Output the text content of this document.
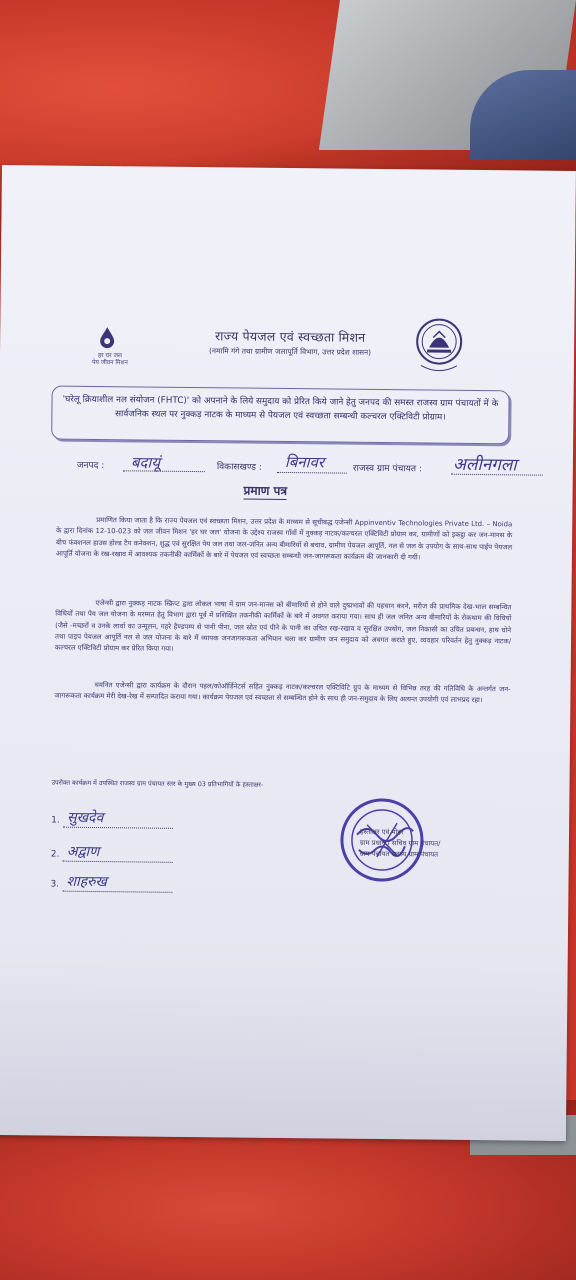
हर घर जल
पेय जीवन मिशन
राज्य पेयजल एवं स्वच्छता मिशन
(नमामि गंगे तथा ग्रामीण जलापूर्ति विभाग, उत्तर प्रदेश शासन)
'घरेलू क्रियाशील नल संयोजन (FHTC)' को अपनाने के लिये समुदाय को प्रेरित किये जाने हेतु जनपद की समस्त राजस्व ग्राम पंचायतों में के सार्वजनिक स्थल पर नुक्कड़ नाटक के माध्यम से पेयजल एवं स्वच्छता सम्बन्धी कल्चरल एक्टिविटी प्रोग्राम।
जनपद : बदायूं	विकासखण्ड : बिनावर	राजस्व ग्राम पंचायत : अलीनगला
प्रमाण पत्र
प्रमाणित किया जाता है कि राज्य पेयजल एवं स्वच्छता मिशन, उत्तर प्रदेश के माध्यम से सूचीबद्ध एजेन्सी Appinventiv Technologies Private Ltd. – Noida के द्वारा दिनांक 12-10-023 को जल जीवन मिशन 'हर घर जल' योजना के उद्देश्य राजस्व गाँवों में नुक्कड़ नाटक/कल्चरल एक्टिविटी प्रोग्राम कर, ग्रामीणों को इकट्ठा कर जन-मानस के बीच फंक्शनल हाउस होल्ड टैप कनेक्शन, शुद्ध एवं सुरक्षित पेय जल तथा जल-जनित अन्य बीमारियों से बचाव, ग्रामीण पेयजल आपूर्ति, नल से जल के उपयोग के साथ-साथ पाईप पेयजल आपूर्ति योजना के रख-रखाव में आवश्यक तकनीकी कार्मिकों के बारे में पेयजल एवं स्वच्छता सम्बन्धी जन-जागरूकता कार्यक्रम की जानकारी दी गयी।
एजेन्सी द्वारा नुक्कड़ नाटक स्क्रिप्ट द्वारा लोकल भाषा में ग्राम जन-मानस को बीमारियों से होने वाले दुष्प्रभावों की पहचान करने, मरीज की प्राथमिक देख-भाल सम्बन्धित विधियों तथा पेय जल योजना के मरम्मत हेतु विभाग द्वारा पूर्व में प्रशिक्षित तकनीकी कार्मिकों के बारे में अवगत कराया गया। साथ ही जल जनित अन्य बीमारियों के रोकथाम की विधियों (जैसे -मच्छरों व उनके लार्वा का उन्मूलन, गहरे हैण्डपम्प से पानी पीना, जल स्रोत एवं पीने के पानी का उचित रख-रखाव व सुरक्षित उपयोग, जल निकासी का उचित प्रबन्धन, हाथ धोने तथा पाइप पेयजल आपूर्ति नल से जल योजना के बारे में व्यापक जनजागरूकता अभियान चला कर ग्रामीण जन समुदाय को अवगत कराते हुए, व्यवहार परिवर्तन हेतु नुक्कड़ नाटक/कल्चरल एक्टिविटी प्रोग्राम कर प्रेरित किया गया।
चयनित एजेन्सी द्वारा कार्यक्रम के दौरान पहल/कोऑर्डिनेटर्स सहित नुक्कड़ नाटक/कल्चरल एक्टिविटि ग्रुप के माध्यम से विभिन्न तरह की गतिविधि के अन्तर्गत जन-जागरूकता कार्यक्रम मेरी देख-रेख में सम्पादित कराया गया। कार्यक्रम पेयजल एवं स्वच्छता से सम्बन्धित होने के साथ ही जन-समुदाय के लिए अत्यन्त उपयोगी एवं लाभप्रद रहा।
उपरोक्त कार्यक्रम में उपस्थित राजस्व ग्राम पंचायत स्तर के मुख्य 03 प्रतिभागियों के हस्ताक्षर-
1. सुखदेव
2. अद्वाण
3. शाहरुख
हस्ताक्षर एवं मोहर
ग्राम प्रधान / सचिव ग्राम पंचायत/
ग्राम पंचायत सदस्य ग्राम पंचायत
